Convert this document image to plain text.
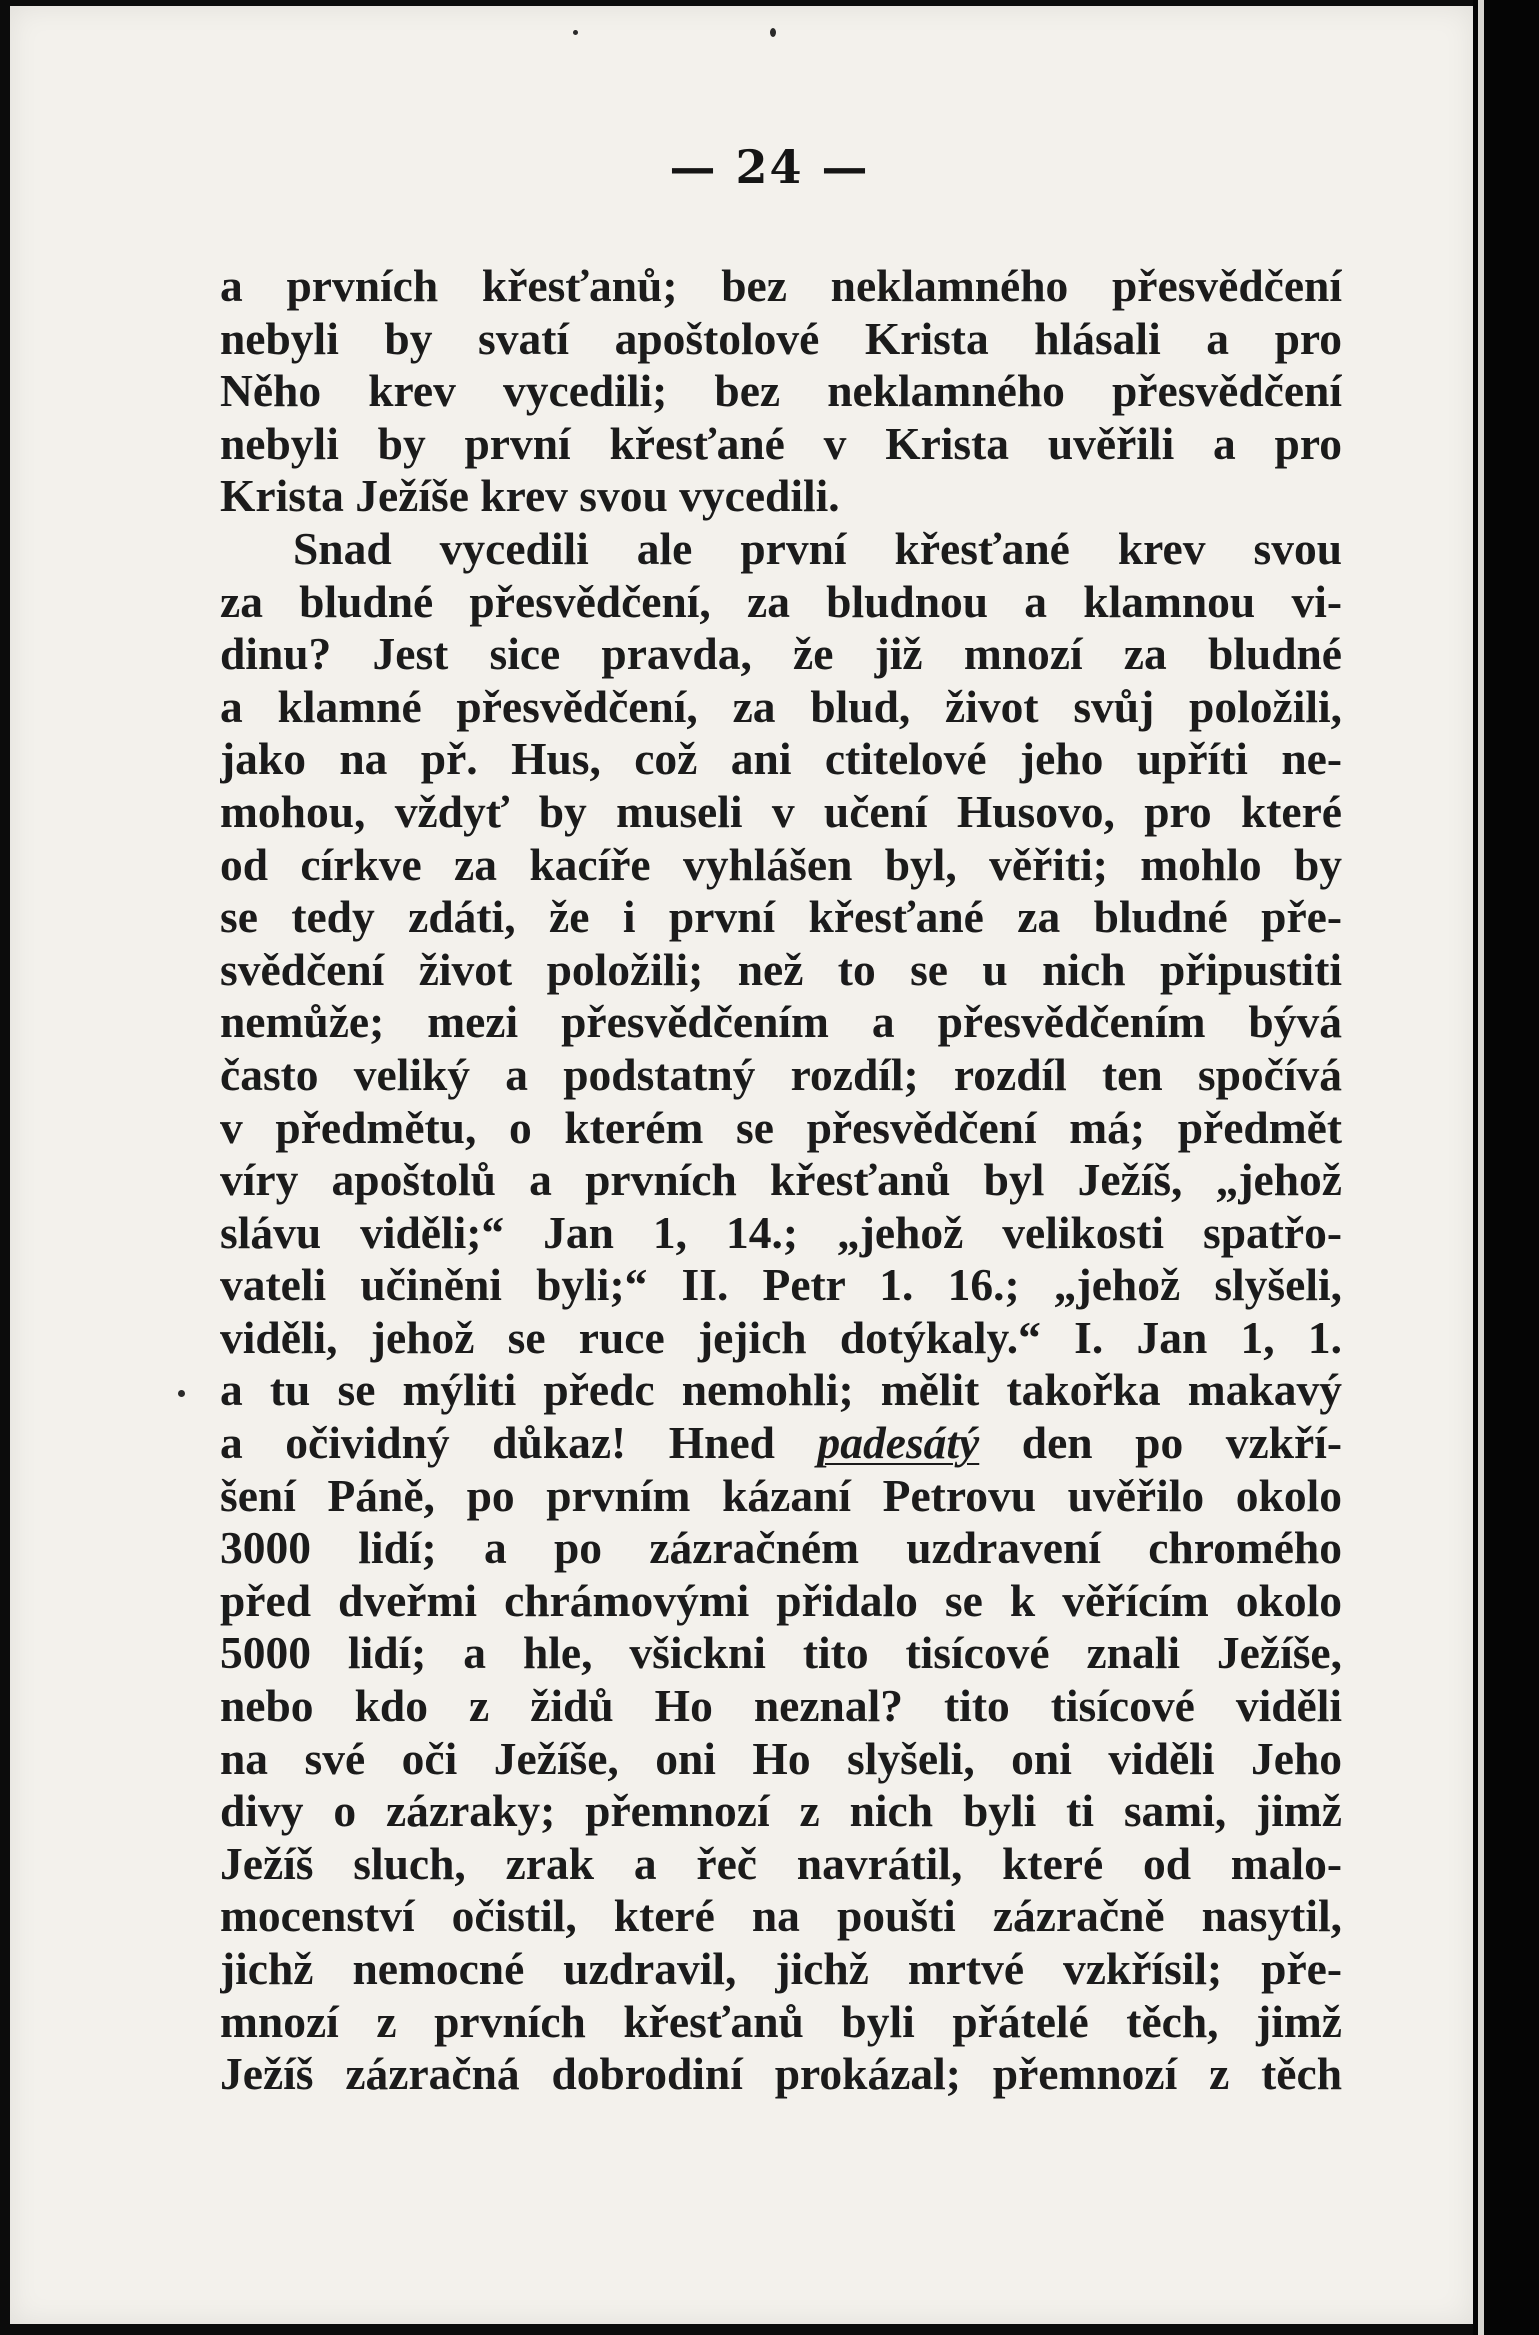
— 24 —
a prvních křesťanů; bez neklamného přesvědčení
nebyli by svatí apoštolové Krista hlásali a pro
Něho krev vycedili; bez neklamného přesvědčení
nebyli by první křesťané v Krista uvěřili a pro
Krista Ježíše krev svou vycedili.
Snad vycedili ale první křesťané krev svou
za bludné přesvědčení, za bludnou a klamnou vi-
dinu? Jest sice pravda, že již mnozí za bludné
a klamné přesvědčení, za blud, život svůj položili,
jako na př. Hus, což ani ctitelové jeho upříti ne-
mohou, vždyť by museli v učení Husovo, pro které
od církve za kacíře vyhlášen byl, věřiti; mohlo by
se tedy zdáti, že i první křesťané za bludné pře-
svědčení život položili; než to se u nich připustiti
nemůže; mezi přesvědčením a přesvědčením bývá
často veliký a podstatný rozdíl; rozdíl ten spočívá
v předmětu, o kterém se přesvědčení má; předmět
víry apoštolů a prvních křesťanů byl Ježíš, „jehož
slávu viděli;“ Jan 1, 14.; „jehož velikosti spatřo-
vateli učiněni byli;“ II. Petr 1. 16.; „jehož slyšeli,
viděli, jehož se ruce jejich dotýkaly.“ I. Jan 1, 1.
a tu se mýliti předc nemohli; mělit takořka makavý
a očividný důkaz! Hned padesátý den po vzkří-
šení Páně, po prvním kázaní Petrovu uvěřilo okolo
3000 lidí; a po zázračném uzdravení chromého
před dveřmi chrámovými přidalo se k věřícím okolo
5000 lidí; a hle, všickni tito tisícové znali Ježíše,
nebo kdo z židů Ho neznal? tito tisícové viděli
na své oči Ježíše, oni Ho slyšeli, oni viděli Jeho
divy o zázraky; přemnozí z nich byli ti sami, jimž
Ježíš sluch, zrak a řeč navrátil, které od malo-
mocenství očistil, které na poušti zázračně nasytil,
jichž nemocné uzdravil, jichž mrtvé vzkřísil; pře-
mnozí z prvních křesťanů byli přátelé těch, jimž
Ježíš zázračná dobrodiní prokázal; přemnozí z těch
